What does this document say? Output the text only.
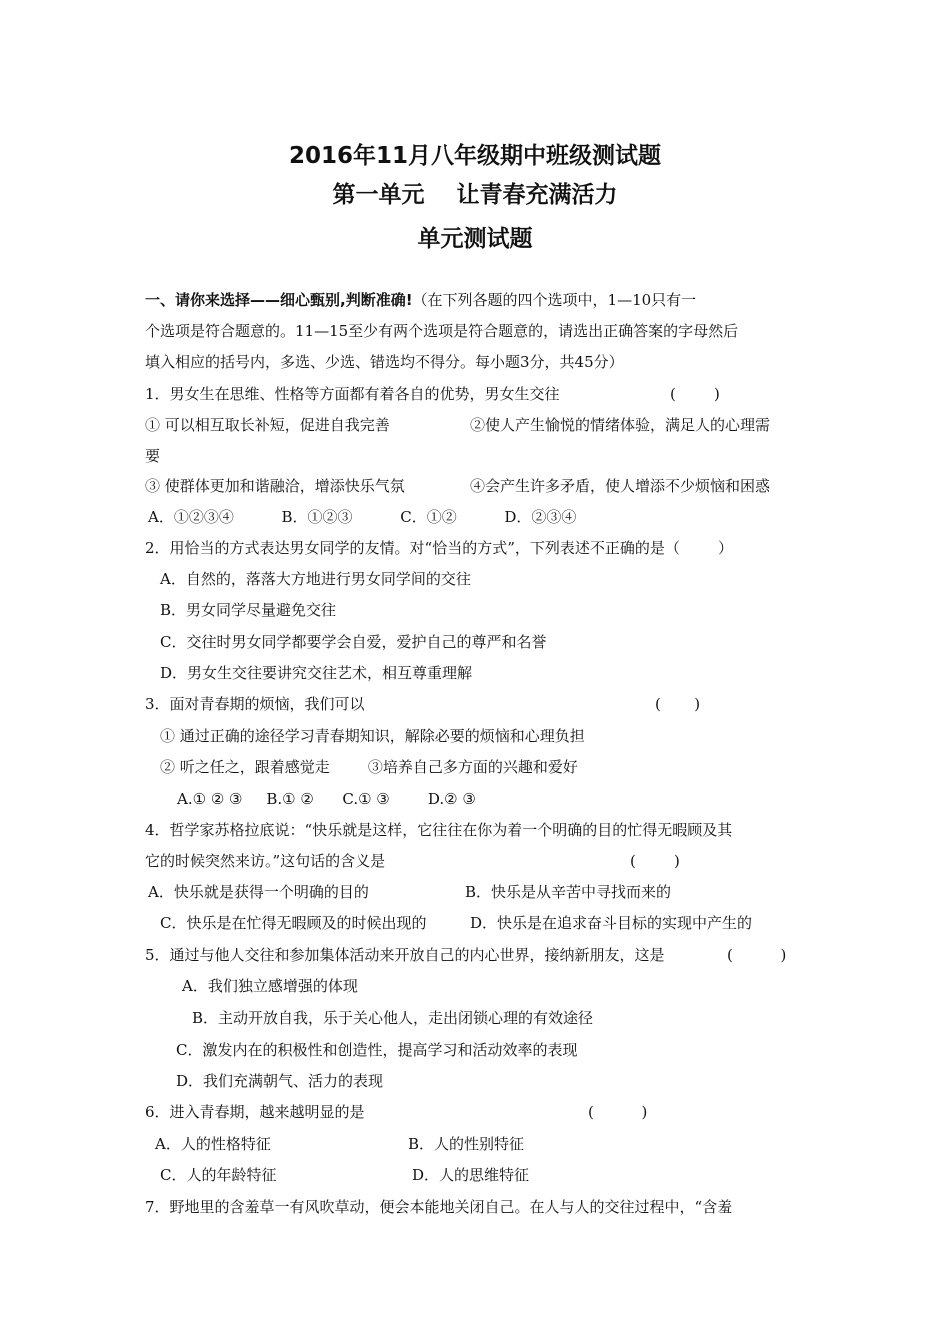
2016年11月八年级期中班级测试题
第一单元    让青春充满活力
单元测试题
一、请你来选择——细心甄别,判断准确!（在下列各题的四个选项中，1—10只有一
个选项是符合题意的。11—15至少有两个选项是符合题意的，请选出正确答案的字母然后
填入相应的括号内，多选、少选、错选均不得分。每小题3分，共45分）
1．男女生在思维、性格等方面都有着各自的优势，男女生交往	(        )
① 可以相互取长补短，促进自我完善	②使人产生愉悦的情绪体验，满足人的心理需
要
③ 使群体更加和谐融洽，增添快乐气氛	④会产生许多矛盾，使人增添不少烦恼和困惑
A．①②③④          B．①②③          C．①②          D．②③④
2．用恰当的方式表达男女同学的友情。对“恰当的方式”，下列表述不正确的是（        ）
A．自然的，落落大方地进行男女同学间的交往
B．男女同学尽量避免交往
C．交往时男女同学都要学会自爱，爱护自己的尊严和名誉
D．男女生交往要讲究交往艺术，相互尊重理解
3．面对青春期的烦恼，我们可以	(       )
① 通过正确的途径学习青春期知识，解除必要的烦恼和心理负担
② 听之任之，跟着感觉走        ③培养自己多方面的兴趣和爱好
A.① ② ③     B.① ②      C.① ③        D.② ③
4．哲学家苏格拉底说：“快乐就是这样，它往往在你为着一个明确的目的忙得无暇顾及其
它的时候突然来访。”这句话的含义是	(        )
A．快乐就是获得一个明确的目的	B．快乐是从辛苦中寻找而来的
C．快乐是在忙得无暇顾及的时候出现的	D．快乐是在追求奋斗目标的实现中产生的
5．通过与他人交往和参加集体活动来开放自己的内心世界，接纳新朋友，这是	(          )
A．我们独立感增强的体现
B．主动开放自我，乐于关心他人，走出闭锁心理的有效途径
C．激发内在的积极性和创造性，提高学习和活动效率的表现
D．我们充满朝气、活力的表现
6．进入青春期，越来越明显的是	(          )
A．人的性格特征	B．人的性别特征
C．人的年龄特征	D．人的思维特征
7．野地里的含羞草一有风吹草动，便会本能地关闭自己。在人与人的交往过程中，“含羞
